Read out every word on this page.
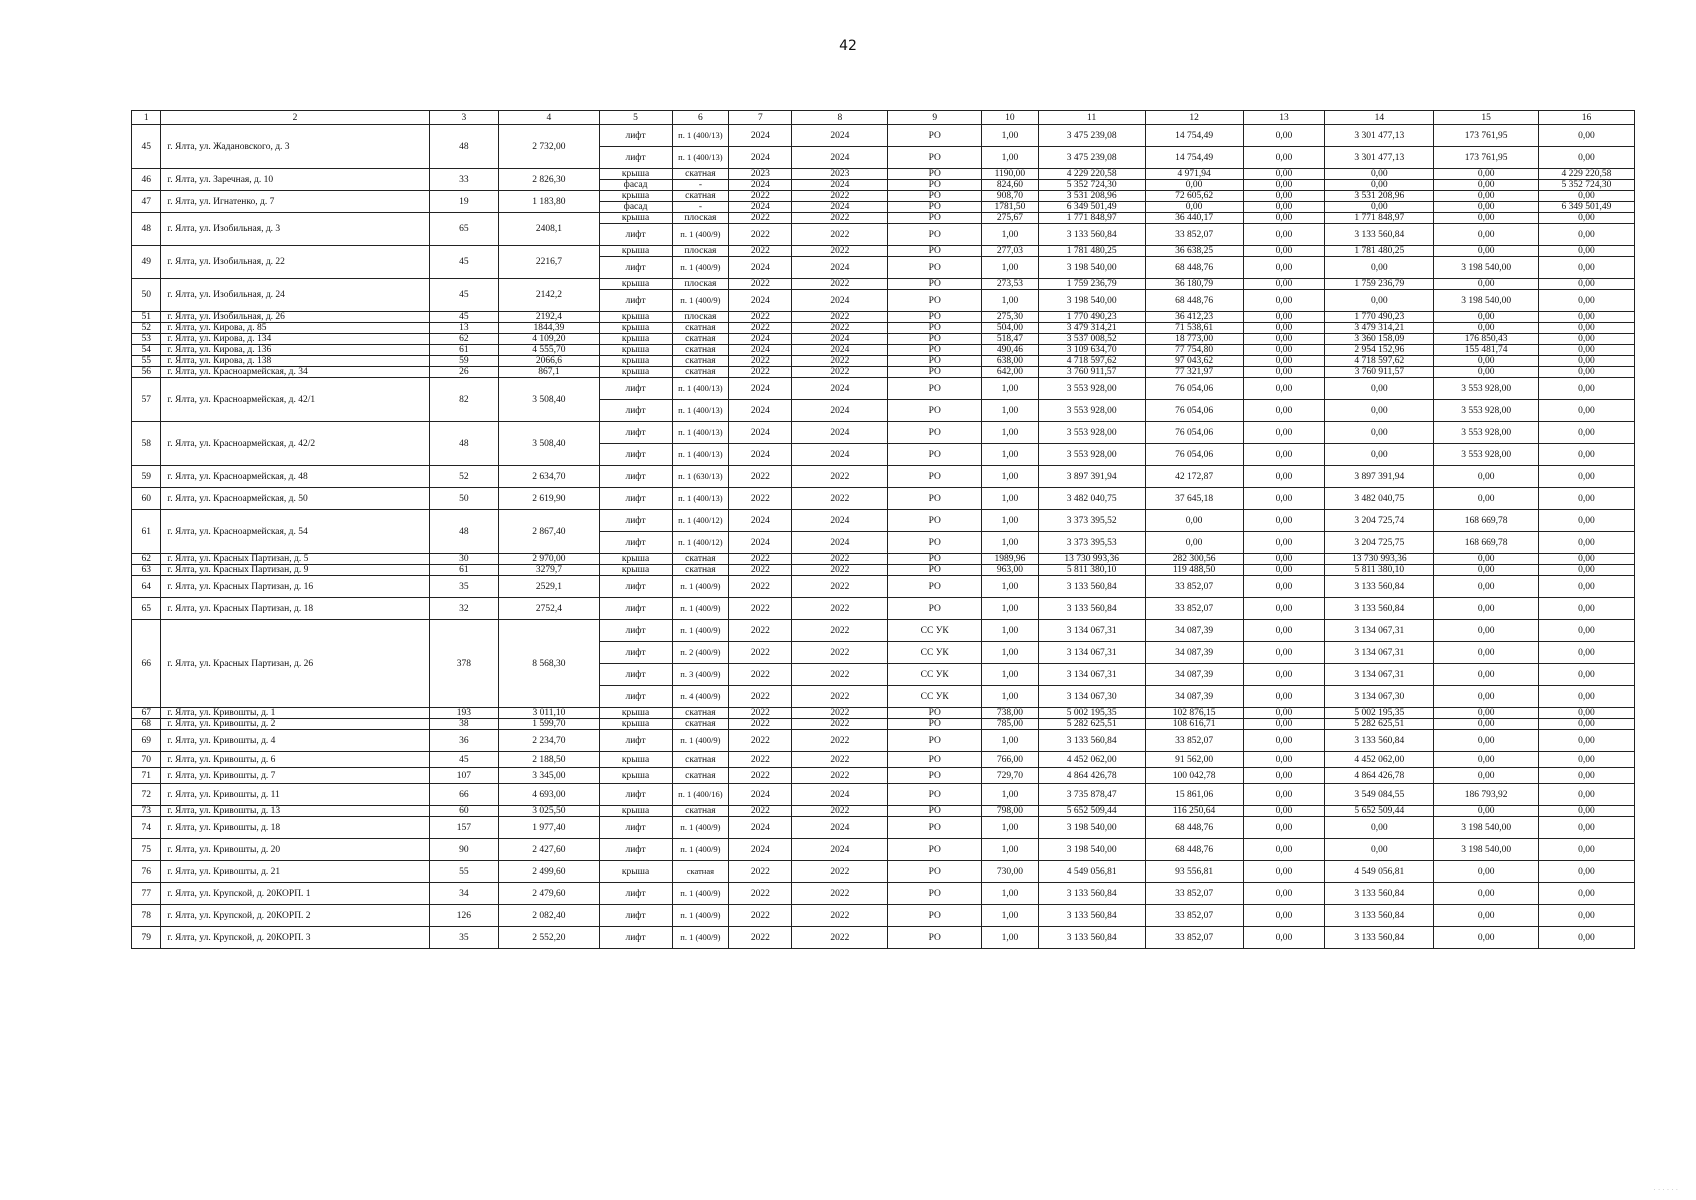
42
1	2	3	4	5	6	7	8	9	10	11	12	13	14	15	16
45	г. Ялта, ул. Жадановского, д. 3	48	2 732,00	лифт	п. 1 (400/13)	2024	2024	РО	1,00	3 475 239,08	14 754,49	0,00	3 301 477,13	173 761,95	0,00
				лифт	п. 1 (400/13)	2024	2024	РО	1,00	3 475 239,08	14 754,49	0,00	3 301 477,13	173 761,95	0,00
46	г. Ялта, ул. Заречная, д. 10	33	2 826,30	крыша	скатная	2023	2023	РО	1190,00	4 229 220,58	4 971,94	0,00	0,00	0,00	4 229 220,58
				фасад	-	2024	2024	РО	824,60	5 352 724,30	0,00	0,00	0,00	0,00	5 352 724,30
47	г. Ялта, ул. Игнатенко, д. 7	19	1 183,80	крыша	скатная	2022	2022	РО	908,70	3 531 208,96	72 605,62	0,00	3 531 208,96	0,00	0,00
				фасад	-	2024	2024	РО	1781,50	6 349 501,49	0,00	0,00	0,00	0,00	6 349 501,49
48	г. Ялта, ул. Изобильная, д. 3	65	2408,1	крыша	плоская	2022	2022	РО	275,67	1 771 848,97	36 440,17	0,00	1 771 848,97	0,00	0,00
				лифт	п. 1 (400/9)	2022	2022	РО	1,00	3 133 560,84	33 852,07	0,00	3 133 560,84	0,00	0,00
49	г. Ялта, ул. Изобильная, д. 22	45	2216,7	крыша	плоская	2022	2022	РО	277,03	1 781 480,25	36 638,25	0,00	1 781 480,25	0,00	0,00
				лифт	п. 1 (400/9)	2024	2024	РО	1,00	3 198 540,00	68 448,76	0,00	0,00	3 198 540,00	0,00
50	г. Ялта, ул. Изобильная, д. 24	45	2142,2	крыша	плоская	2022	2022	РО	273,53	1 759 236,79	36 180,79	0,00	1 759 236,79	0,00	0,00
				лифт	п. 1 (400/9)	2024	2024	РО	1,00	3 198 540,00	68 448,76	0,00	0,00	3 198 540,00	0,00
51	г. Ялта, ул. Изобильная, д. 26	45	2192,4	крыша	плоская	2022	2022	РО	275,30	1 770 490,23	36 412,23	0,00	1 770 490,23	0,00	0,00
52	г. Ялта, ул. Кирова, д. 85	13	1844,39	крыша	скатная	2022	2022	РО	504,00	3 479 314,21	71 538,61	0,00	3 479 314,21	0,00	0,00
53	г. Ялта, ул. Кирова, д. 134	62	4 109,20	крыша	скатная	2024	2024	РО	518,47	3 537 008,52	18 773,00	0,00	3 360 158,09	176 850,43	0,00
54	г. Ялта, ул. Кирова, д. 136	61	4 555,70	крыша	скатная	2024	2024	РО	490,46	3 109 634,70	77 754,80	0,00	2 954 152,96	155 481,74	0,00
55	г. Ялта, ул. Кирова, д. 138	59	2066,6	крыша	скатная	2022	2022	РО	638,00	4 718 597,62	97 043,62	0,00	4 718 597,62	0,00	0,00
56	г. Ялта, ул. Красноармейская, д. 34	26	867,1	крыша	скатная	2022	2022	РО	642,00	3 760 911,57	77 321,97	0,00	3 760 911,57	0,00	0,00
57	г. Ялта, ул. Красноармейская, д. 42/1	82	3 508,40	лифт	п. 1 (400/13)	2024	2024	РО	1,00	3 553 928,00	76 054,06	0,00	0,00	3 553 928,00	0,00
				лифт	п. 1 (400/13)	2024	2024	РО	1,00	3 553 928,00	76 054,06	0,00	0,00	3 553 928,00	0,00
58	г. Ялта, ул. Красноармейская, д. 42/2	48	3 508,40	лифт	п. 1 (400/13)	2024	2024	РО	1,00	3 553 928,00	76 054,06	0,00	0,00	3 553 928,00	0,00
				лифт	п. 1 (400/13)	2024	2024	РО	1,00	3 553 928,00	76 054,06	0,00	0,00	3 553 928,00	0,00
59	г. Ялта, ул. Красноармейская, д. 48	52	2 634,70	лифт	п. 1 (630/13)	2022	2022	РО	1,00	3 897 391,94	42 172,87	0,00	3 897 391,94	0,00	0,00
60	г. Ялта, ул. Красноармейская, д. 50	50	2 619,90	лифт	п. 1 (400/13)	2022	2022	РО	1,00	3 482 040,75	37 645,18	0,00	3 482 040,75	0,00	0,00
61	г. Ялта, ул. Красноармейская, д. 54	48	2 867,40	лифт	п. 1 (400/12)	2024	2024	РО	1,00	3 373 395,52	0,00	0,00	3 204 725,74	168 669,78	0,00
				лифт	п. 1 (400/12)	2024	2024	РО	1,00	3 373 395,53	0,00	0,00	3 204 725,75	168 669,78	0,00
62	г. Ялта, ул. Красных Партизан, д. 5	30	2 970,00	крыша	скатная	2022	2022	РО	1989,96	13 730 993,36	282 300,56	0,00	13 730 993,36	0,00	0,00
63	г. Ялта, ул. Красных Партизан, д. 9	61	3279,7	крыша	скатная	2022	2022	РО	963,00	5 811 380,10	119 488,50	0,00	5 811 380,10	0,00	0,00
64	г. Ялта, ул. Красных Партизан, д. 16	35	2529,1	лифт	п. 1 (400/9)	2022	2022	РО	1,00	3 133 560,84	33 852,07	0,00	3 133 560,84	0,00	0,00
65	г. Ялта, ул. Красных Партизан, д. 18	32	2752,4	лифт	п. 1 (400/9)	2022	2022	РО	1,00	3 133 560,84	33 852,07	0,00	3 133 560,84	0,00	0,00
66	г. Ялта, ул. Красных Партизан, д. 26	378	8 568,30	лифт	п. 1 (400/9)	2022	2022	СС УК	1,00	3 134 067,31	34 087,39	0,00	3 134 067,31	0,00	0,00
				лифт	п. 2 (400/9)	2022	2022	СС УК	1,00	3 134 067,31	34 087,39	0,00	3 134 067,31	0,00	0,00
				лифт	п. 3 (400/9)	2022	2022	СС УК	1,00	3 134 067,31	34 087,39	0,00	3 134 067,31	0,00	0,00
				лифт	п. 4 (400/9)	2022	2022	СС УК	1,00	3 134 067,30	34 087,39	0,00	3 134 067,30	0,00	0,00
67	г. Ялта, ул. Кривошты, д. 1	193	3 011,10	крыша	скатная	2022	2022	РО	738,00	5 002 195,35	102 876,15	0,00	5 002 195,35	0,00	0,00
68	г. Ялта, ул. Кривошты, д. 2	38	1 599,70	крыша	скатная	2022	2022	РО	785,00	5 282 625,51	108 616,71	0,00	5 282 625,51	0,00	0,00
69	г. Ялта, ул. Кривошты, д. 4	36	2 234,70	лифт	п. 1 (400/9)	2022	2022	РО	1,00	3 133 560,84	33 852,07	0,00	3 133 560,84	0,00	0,00
70	г. Ялта, ул. Кривошты, д. 6	45	2 188,50	крыша	скатная	2022	2022	РО	766,00	4 452 062,00	91 562,00	0,00	4 452 062,00	0,00	0,00
71	г. Ялта, ул. Кривошты, д. 7	107	3 345,00	крыша	скатная	2022	2022	РО	729,70	4 864 426,78	100 042,78	0,00	4 864 426,78	0,00	0,00
72	г. Ялта, ул. Кривошты, д. 11	66	4 693,00	лифт	п. 1 (400/16)	2024	2024	РО	1,00	3 735 878,47	15 861,06	0,00	3 549 084,55	186 793,92	0,00
73	г. Ялта, ул. Кривошты, д. 13	60	3 025,50	крыша	скатная	2022	2022	РО	798,00	5 652 509,44	116 250,64	0,00	5 652 509,44	0,00	0,00
74	г. Ялта, ул. Кривошты, д. 18	157	1 977,40	лифт	п. 1 (400/9)	2024	2024	РО	1,00	3 198 540,00	68 448,76	0,00	0,00	3 198 540,00	0,00
75	г. Ялта, ул. Кривошты, д. 20	90	2 427,60	лифт	п. 1 (400/9)	2024	2024	РО	1,00	3 198 540,00	68 448,76	0,00	0,00	3 198 540,00	0,00
76	г. Ялта, ул. Кривошты, д. 21	55	2 499,60	крыша	скатная	2022	2022	РО	730,00	4 549 056,81	93 556,81	0,00	4 549 056,81	0,00	0,00
77	г. Ялта, ул. Крупской, д. 20КОРП. 1	34	2 479,60	лифт	п. 1 (400/9)	2022	2022	РО	1,00	3 133 560,84	33 852,07	0,00	3 133 560,84	0,00	0,00
78	г. Ялта, ул. Крупской, д. 20КОРП. 2	126	2 082,40	лифт	п. 1 (400/9)	2022	2022	РО	1,00	3 133 560,84	33 852,07	0,00	3 133 560,84	0,00	0,00
79	г. Ялта, ул. Крупской, д. 20КОРП. 3	35	2 552,20	лифт	п. 1 (400/9)	2022	2022	РО	1,00	3 133 560,84	33 852,07	0,00	3 133 560,84	0,00	0,00
· · · · · ·
